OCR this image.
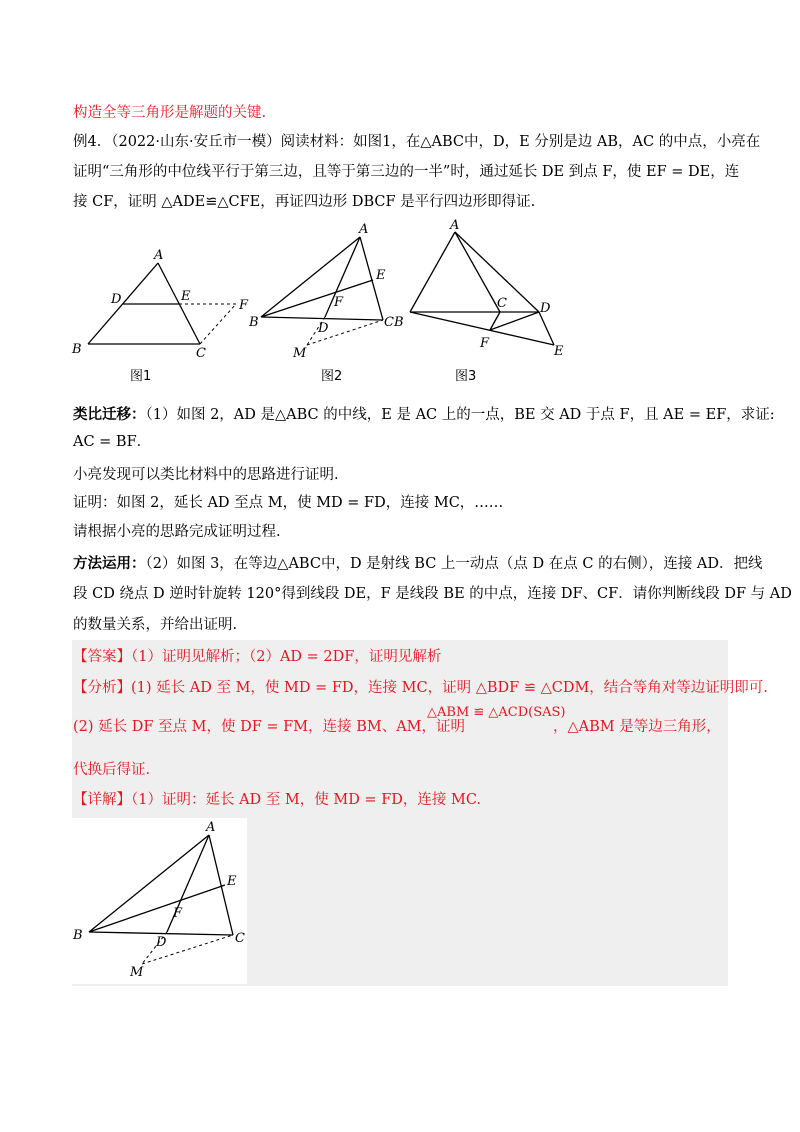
构造全等三角形是解题的关键.
例4．（2022·山东·安丘市一模）阅读材料：如图1，在△ABC中，D，E 分别是边 AB，AC 的中点，小亮在
证明“三角形的中位线平行于第三边，且等于第三边的一半”时，通过延长 DE 到点 F，使 EF = DE，连
接 CF，证明 △ADE≌△CFE，再证四边形 DBCF 是平行四边形即得证.
A
D	E
F
B	C
图1
A
E
F
B	D	CB
M
图2
A
C	D
F
E
图3
类比迁移：（1）如图 2，AD 是△ABC 的中线，E 是 AC 上的一点，BE 交 AD 于点 F，且 AE = EF，求证:
AC = BF．
小亮发现可以类比材料中的思路进行证明.
证明：如图 2，延长 AD 至点 M，使 MD = FD，连接 MC，……
请根据小亮的思路完成证明过程.
方法运用：（2）如图 3，在等边△ABC中，D 是射线 BC 上一动点（点 D 在点 C 的右侧），连接 AD．把线
段 CD 绕点 D 逆时针旋转 120°得到线段 DE，F 是线段 BE 的中点，连接 DF、CF．请你判断线段 DF 与 AD
的数量关系，并给出证明.
【答案】（1）证明见解析；（2）AD = 2DF，证明见解析
【分析】(1) 延长 AD 至 M，使 MD = FD，连接 MC，证明 △BDF ≌ △CDM，结合等角对等边证明即可.
(2) 延长 DF 至点 M，使 DF = FM，连接 BM、AM，证明
△ABM ≌ △ACD(SAS)
，△ABM 是等边三角形，
代换后得证.
【详解】（1）证明：延长 AD 至 M，使 MD = FD，连接 MC.
A
E
F
B	D	C
M
